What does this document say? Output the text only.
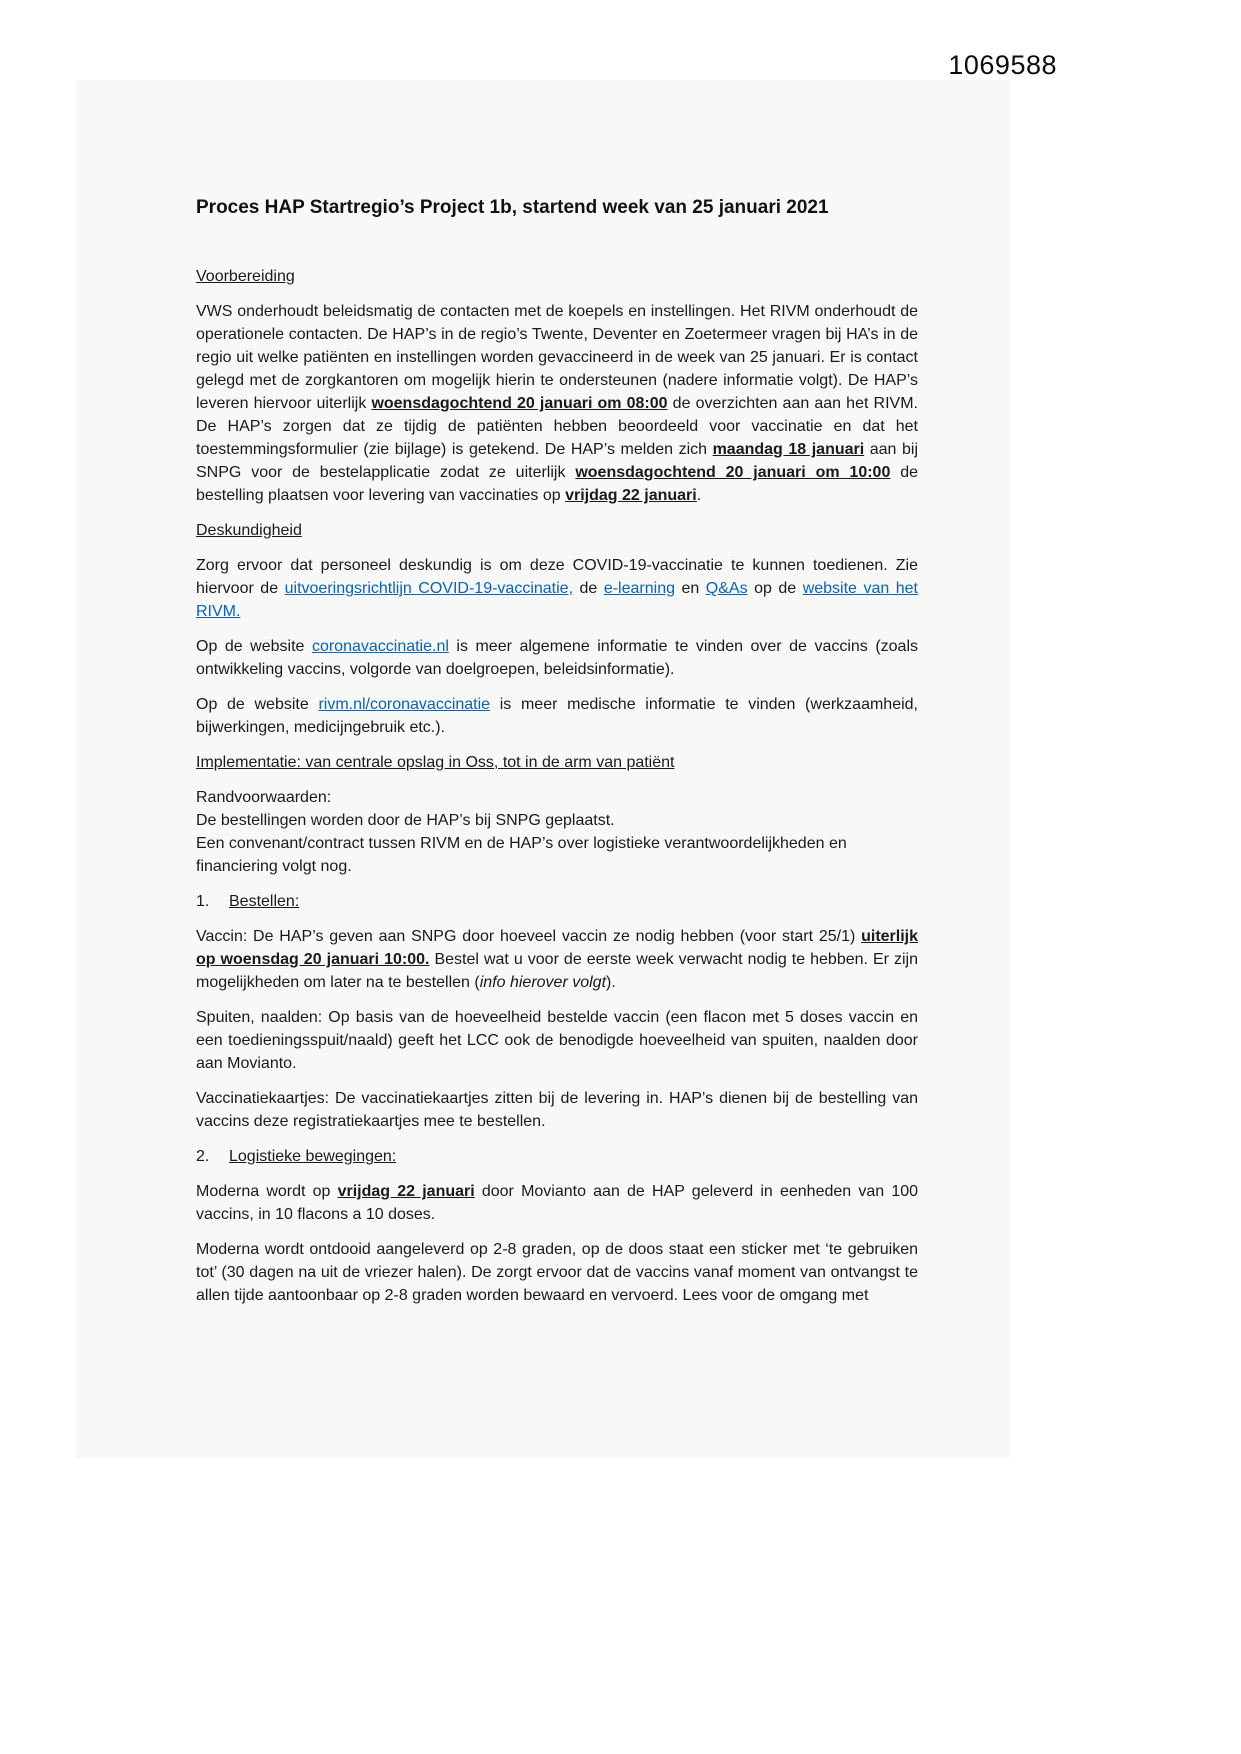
1069588
Proces HAP Startregio’s Project 1b, startend week van 25 januari 2021
Voorbereiding

VWS onderhoudt beleidsmatig de contacten met de koepels en instellingen. Het RIVM onderhoudt de operationele contacten. De HAP’s in de regio’s Twente, Deventer en Zoetermeer vragen bij HA’s in de regio uit welke patiënten en instellingen worden gevaccineerd in de week van 25 januari. Er is contact gelegd met de zorgkantoren om mogelijk hierin te ondersteunen (nadere informatie volgt). De HAP’s leveren hiervoor uiterlijk woensdagochtend 20 januari om 08:00 de overzichten aan aan het RIVM. De HAP’s zorgen dat ze tijdig de patiënten hebben beoordeeld voor vaccinatie en dat het toestemmingsformulier (zie bijlage) is getekend. De HAP’s melden zich maandag 18 januari aan bij SNPG voor de bestelapplicatie zodat ze uiterlijk woensdagochtend 20 januari om 10:00 de bestelling plaatsen voor levering van vaccinaties op vrijdag 22 januari.

Deskundigheid

Zorg ervoor dat personeel deskundig is om deze COVID-19-vaccinatie te kunnen toedienen. Zie hiervoor de uitvoeringsrichtlijn COVID-19-vaccinatie, de e-learning en Q&As op de website van het RIVM.

Op de website coronavaccinatie.nl is meer algemene informatie te vinden over de vaccins (zoals ontwikkeling vaccins, volgorde van doelgroepen, beleidsinformatie).

Op de website rivm.nl/coronavaccinatie is meer medische informatie te vinden (werkzaamheid, bijwerkingen, medicijngebruik etc.).

Implementatie: van centrale opslag in Oss, tot in de arm van patiënt

Randvoorwaarden:
De bestellingen worden door de HAP’s bij SNPG geplaatst.
Een convenant/contract tussen RIVM en de HAP’s over logistieke verantwoordelijkheden en financiering volgt nog.

1. Bestellen:

Vaccin: De HAP’s geven aan SNPG door hoeveel vaccin ze nodig hebben (voor start 25/1) uiterlijk op woensdag 20 januari 10:00. Bestel wat u voor de eerste week verwacht nodig te hebben. Er zijn mogelijkheden om later na te bestellen (info hierover volgt).

Spuiten, naalden: Op basis van de hoeveelheid bestelde vaccin (een flacon met 5 doses vaccin en een toedieningsspuit/naald) geeft het LCC ook de benodigde hoeveelheid van spuiten, naalden door aan Movianto.

Vaccinatiekaartjes: De vaccinatiekaartjes zitten bij de levering in. HAP’s dienen bij de bestelling van vaccins deze registratiekaartjes mee te bestellen.

2. Logistieke bewegingen:

Moderna wordt op vrijdag 22 januari door Movianto aan de HAP geleverd in eenheden van 100 vaccins, in 10 flacons a 10 doses.

Moderna wordt ontdooid aangeleverd op 2-8 graden, op de doos staat een sticker met ‘te gebruiken tot’ (30 dagen na uit de vriezer halen). De zorgt ervoor dat de vaccins vanaf moment van ontvangst te allen tijde aantoonbaar op 2-8 graden worden bewaard en vervoerd. Lees voor de omgang met
